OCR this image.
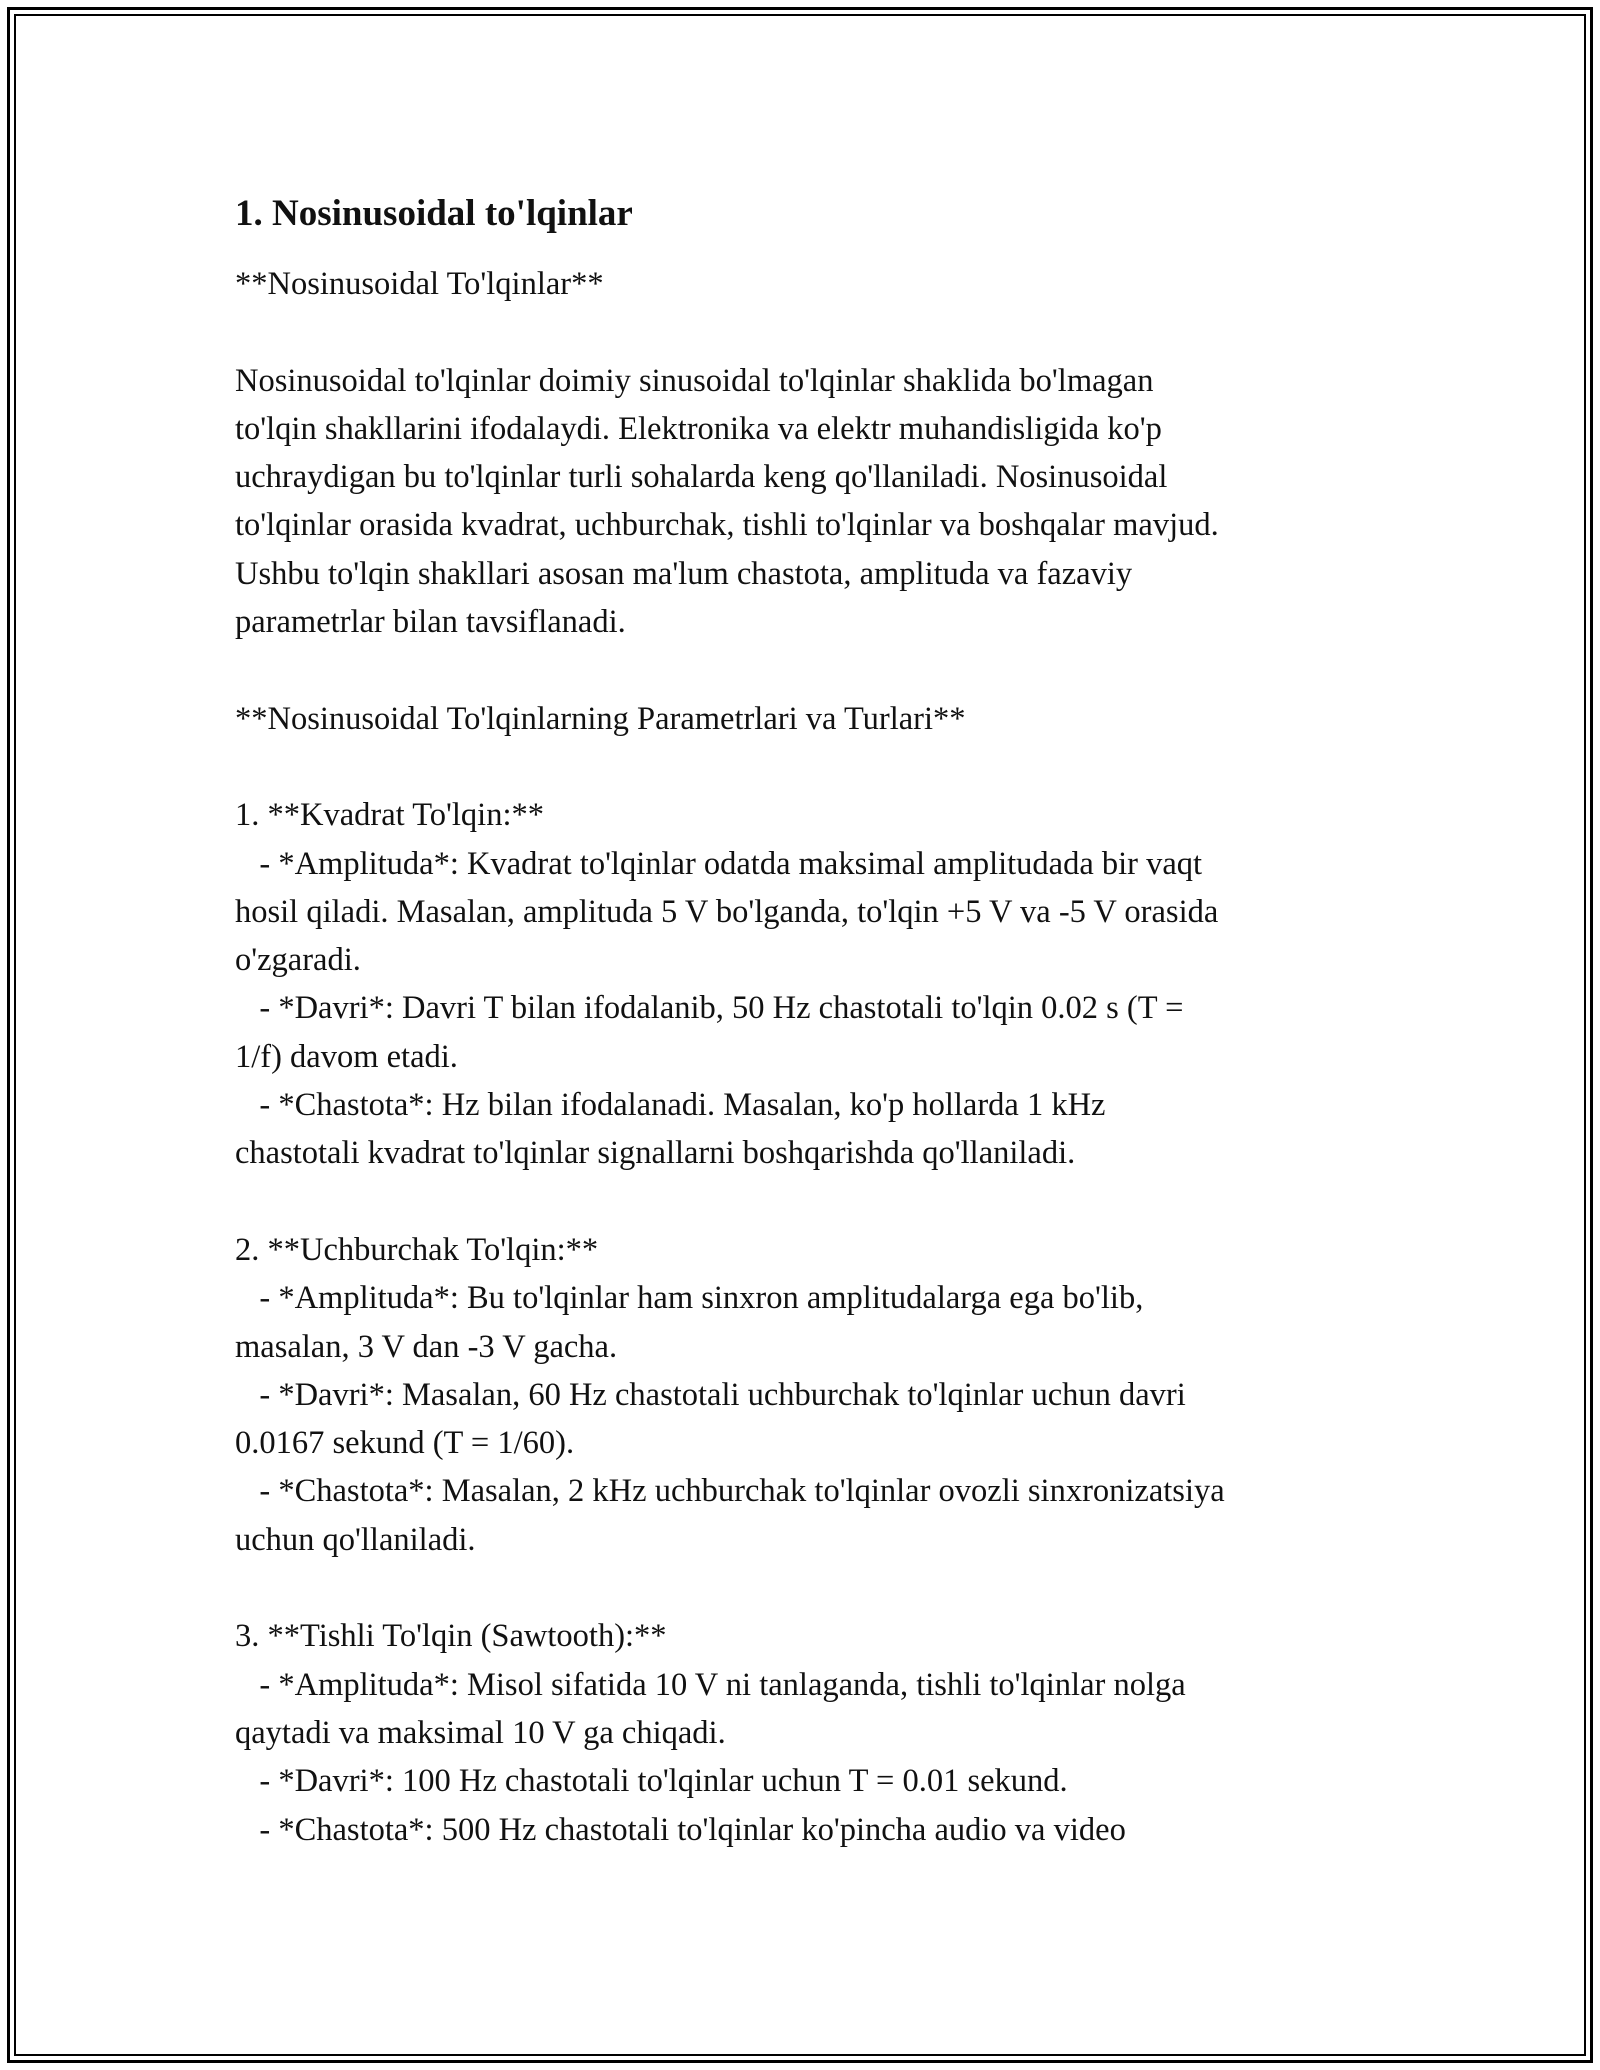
1. Nosinusoidal to'lqinlar
**Nosinusoidal To'lqinlar**
Nosinusoidal to'lqinlar doimiy sinusoidal to'lqinlar shaklida bo'lmagan
to'lqin shakllarini ifodalaydi. Elektronika va elektr muhandisligida ko'p
uchraydigan bu to'lqinlar turli sohalarda keng qo'llaniladi. Nosinusoidal
to'lqinlar orasida kvadrat, uchburchak, tishli to'lqinlar va boshqalar mavjud.
Ushbu to'lqin shakllari asosan ma'lum chastota, amplituda va fazaviy
parametrlar bilan tavsiflanadi.
**Nosinusoidal To'lqinlarning Parametrlari va Turlari**
1. **Kvadrat To'lqin:**
- *Amplituda*: Kvadrat to'lqinlar odatda maksimal amplitudada bir vaqt
hosil qiladi. Masalan, amplituda 5 V bo'lganda, to'lqin +5 V va -5 V orasida
o'zgaradi.
- *Davri*: Davri T bilan ifodalanib, 50 Hz chastotali to'lqin 0.02 s (T =
1/f) davom etadi.
- *Chastota*: Hz bilan ifodalanadi. Masalan, ko'p hollarda 1 kHz
chastotali kvadrat to'lqinlar signallarni boshqarishda qo'llaniladi.
2. **Uchburchak To'lqin:**
- *Amplituda*: Bu to'lqinlar ham sinxron amplitudalarga ega bo'lib,
masalan, 3 V dan -3 V gacha.
- *Davri*: Masalan, 60 Hz chastotali uchburchak to'lqinlar uchun davri
0.0167 sekund (T = 1/60).
- *Chastota*: Masalan, 2 kHz uchburchak to'lqinlar ovozli sinxronizatsiya
uchun qo'llaniladi.
3. **Tishli To'lqin (Sawtooth):**
- *Amplituda*: Misol sifatida 10 V ni tanlaganda, tishli to'lqinlar nolga
qaytadi va maksimal 10 V ga chiqadi.
- *Davri*: 100 Hz chastotali to'lqinlar uchun T = 0.01 sekund.
- *Chastota*: 500 Hz chastotali to'lqinlar ko'pincha audio va video
